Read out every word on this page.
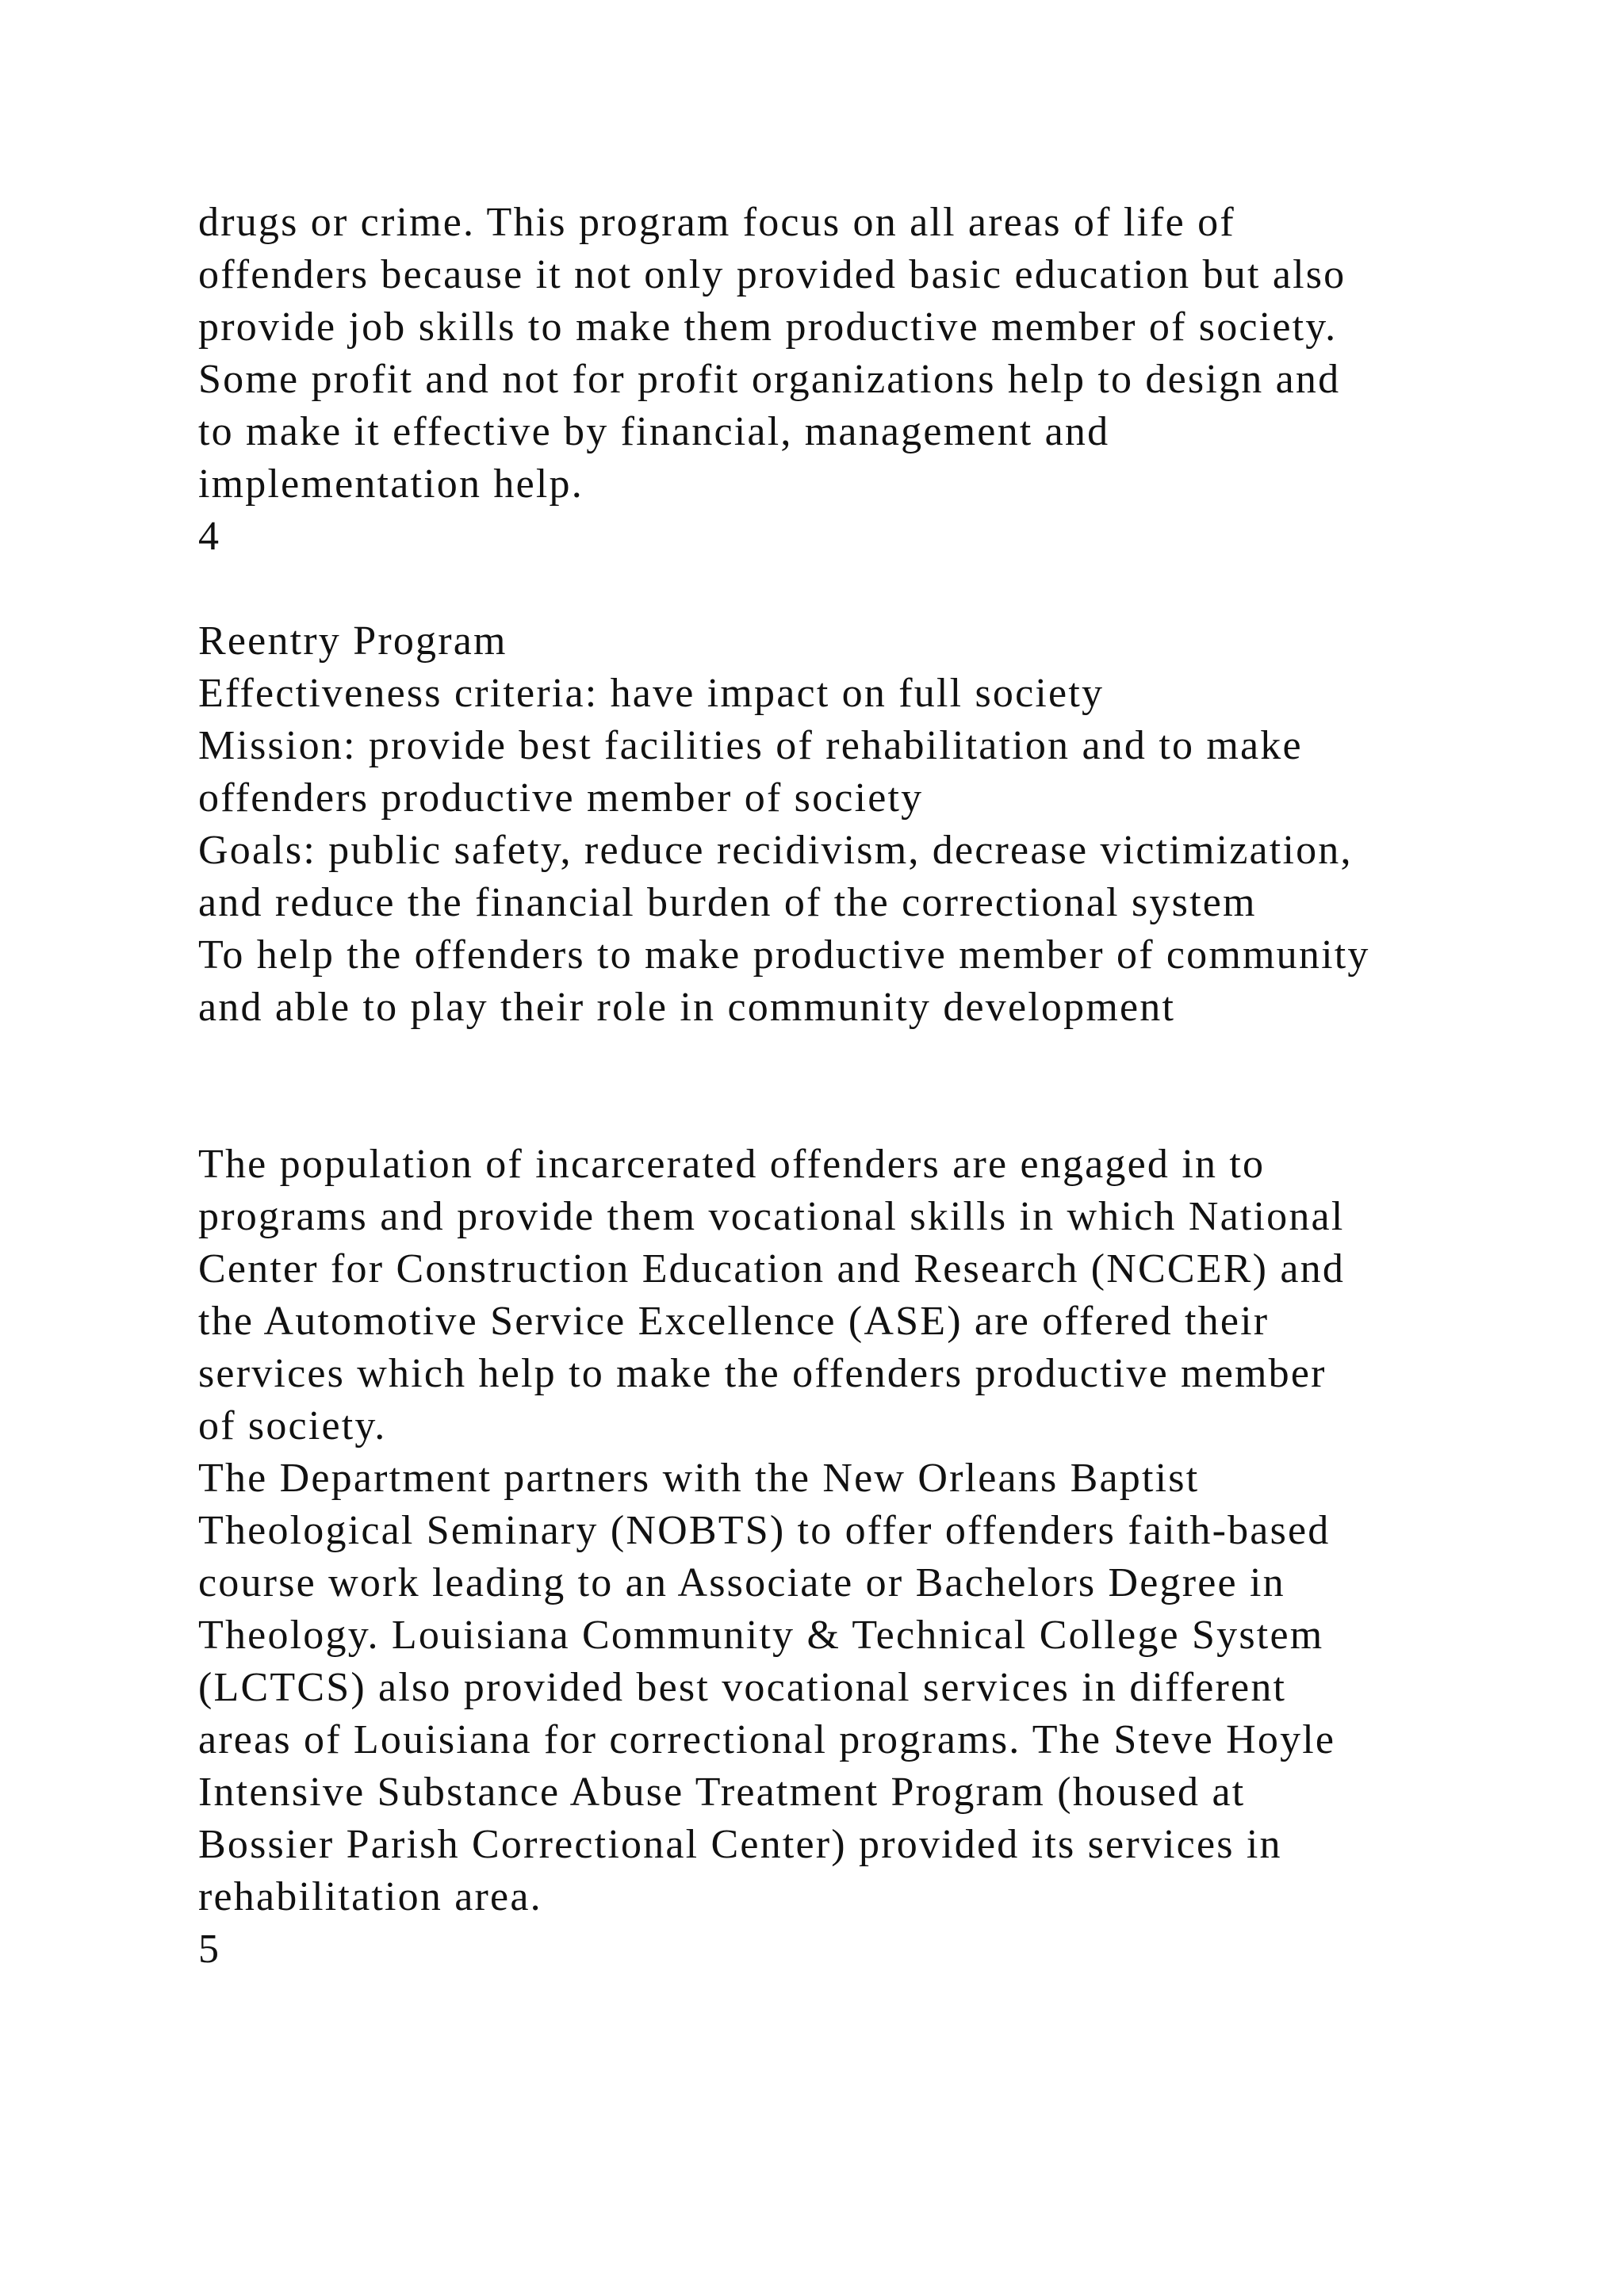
drugs or crime. This program focus on all areas of life of
offenders because it not only provided basic education but also
provide job skills to make them productive member of society.
Some profit and not for profit organizations help to design and
to make it effective by financial, management and
implementation help.
4
Reentry Program
Effectiveness criteria: have impact on full society
Mission: provide best facilities of rehabilitation and to make
offenders productive member of society
Goals: public safety, reduce recidivism, decrease victimization,
and reduce the financial burden of the correctional system
To help the offenders to make productive member of community
and able to play their role in community development
The population of incarcerated offenders are engaged in to
programs and provide them vocational skills in which National
Center for Construction Education and Research (NCCER) and
the Automotive Service Excellence (ASE) are offered their
services which help to make the offenders productive member
of society.
The Department partners with the New Orleans Baptist
Theological Seminary (NOBTS) to offer offenders faith-based
course work leading to an Associate or Bachelors Degree in
Theology. Louisiana Community & Technical College System
(LCTCS) also provided best vocational services in different
areas of Louisiana for correctional programs. The Steve Hoyle
Intensive Substance Abuse Treatment Program (housed at
Bossier Parish Correctional Center) provided its services in
rehabilitation area.
5
